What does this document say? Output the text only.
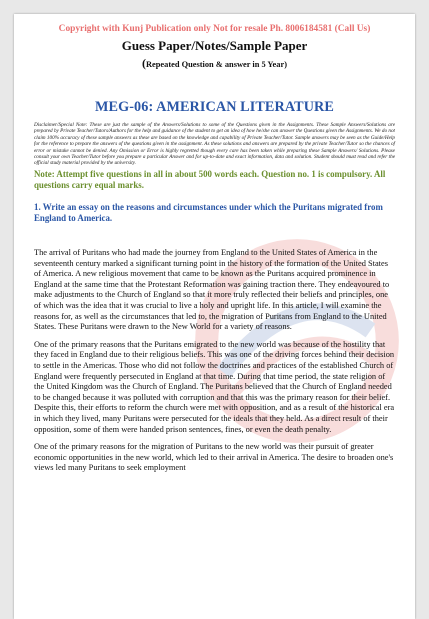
Copyright with Kunj Publication only Not for resale Ph. 8006184581 (Call Us)
Guess Paper/Notes/Sample Paper
(Repeated Question & answer in 5 Year)
MEG-06: AMERICAN LITERATURE
Disclaimer/Special Note: These are just the sample of the Answers/Solutions to some of the Questions given in the Assignments. These Sample Answers/Solutions are prepared by Private Teacher/Tutors/Authors for the help and guidance of the student to get an idea of how he/she can answer the Questions given the Assignments. We do not claim 100% accuracy of these sample answers as these are based on the knowledge and capability of Private Teacher/Tutor. Sample answers may be seen as the Guide/Help for the reference to prepare the answers of the questions given in the assignment. As these solutions and answers are prepared by the private Teacher/Tutor so the chances of error or mistake cannot be denied. Any Omission or Error is highly regretted though every care has been taken while preparing these Sample Answers/ Solutions. Please consult your own Teacher/Tutor before you prepare a particular Answer and for up-to-date and exact information, data and solution. Student should must read and refer the official study material provided by the university.
Note: Attempt five questions in all in about 500 words each. Question no. 1 is compulsory. All questions carry equal marks.
1. Write an essay on the reasons and circumstances under which the Puritans migrated from England to America.

The arrival of Puritans who had made the journey from England to the United States of America in the seventeenth century marked a significant turning point in the history of the formation of the United States of America. A new religious movement that came to be known as the Puritans acquired prominence in England at the same time that the Protestant Reformation was gaining traction there. They endeavoured to make adjustments to the Church of England so that it more truly reflected their beliefs and principles, one of which was the idea that it was crucial to live a holy and upright life. In this article, I will examine the reasons for, as well as the circumstances that led to, the migration of Puritans from England to the United States. These Puritans were drawn to the New World for a variety of reasons.

One of the primary reasons that the Puritans emigrated to the new world was because of the hostility that they faced in England due to their religious beliefs. This was one of the driving forces behind their decision to settle in the Americas. Those who did not follow the doctrines and practices of the established Church of England were frequently persecuted in England at that time. During that time period, the state religion of the United Kingdom was the Church of England. The Puritans believed that the Church of England needed to be changed because it was polluted with corruption and that this was the primary reason for their belief. Despite this, their efforts to reform the church were met with opposition, and as a result of the historical era in which they lived, many Puritans were persecuted for the ideals that they held. As a direct result of their opposition, some of them were handed prison sentences, fines, or even the death penalty.

One of the primary reasons for the migration of Puritans to the new world was their pursuit of greater economic opportunities in the new world, which led to their arrival in America. The desire to broaden one's views led many Puritans to seek employment
